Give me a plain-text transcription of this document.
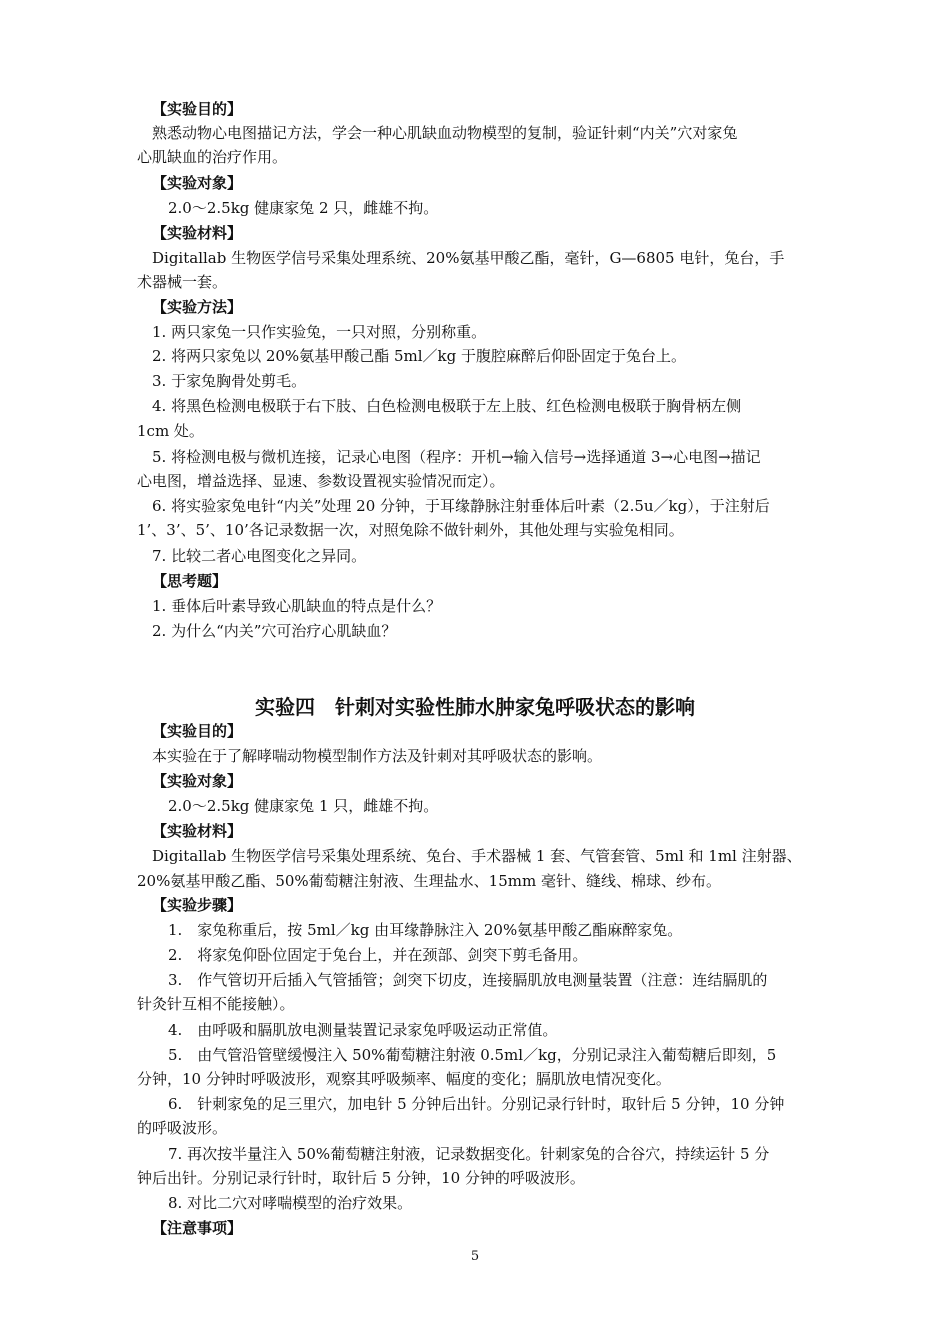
【实验目的】
熟悉动物心电图描记方法，学会一种心肌缺血动物模型的复制，验证针刺“内关”穴对家兔
心肌缺血的治疗作用。
【实验对象】
2.0～2.5kg 健康家兔 2 只，雌雄不拘。
【实验材料】
Digitallab 生物医学信号采集处理系统、20%氨基甲酸乙酯，毫针，G—6805 电针，兔台，手
术器械一套。
【实验方法】
1. 两只家兔一只作实验兔，一只对照，分别称重。
2. 将两只家兔以 20%氨基甲酸己酯 5ml／kg 于腹腔麻醉后仰卧固定于兔台上。
3. 于家兔胸骨处剪毛。
4. 将黑色检测电极联于右下肢、白色检测电极联于左上肢、红色检测电极联于胸骨柄左侧
1cm 处。
5. 将检测电极与微机连接，记录心电图（程序：开机→输入信号→选择通道 3→心电图→描记
心电图，增益选择、显速、参数设置视实验情况而定）。
6. 将实验家兔电针“内关”处理 20 分钟，于耳缘静脉注射垂体后叶素（2.5u／kg），于注射后
1’、3’、5’、10’各记录数据一次，对照兔除不做针刺外，其他处理与实验兔相同。
7. 比较二者心电图变化之异同。
【思考题】
1. 垂体后叶素导致心肌缺血的特点是什么？
2. 为什么“内关”穴可治疗心肌缺血？
实验四　针刺对实验性肺水肿家兔呼吸状态的影响
【实验目的】
本实验在于了解哮喘动物模型制作方法及针刺对其呼吸状态的影响。
【实验对象】
2.0～2.5kg 健康家兔 1 只，雌雄不拘。
【实验材料】
Digitallab 生物医学信号采集处理系统、兔台、手术器械 1 套、气管套管、5ml 和 1ml 注射器、
20%氨基甲酸乙酯、50%葡萄糖注射液、生理盐水、15mm 毫针、缝线、棉球、纱布。
【实验步骤】
1.　家兔称重后，按 5ml／kg 由耳缘静脉注入 20%氨基甲酸乙酯麻醉家兔。
2.　将家兔仰卧位固定于兔台上，并在颈部、剑突下剪毛备用。
3.　作气管切开后插入气管插管；剑突下切皮，连接膈肌放电测量装置（注意：连结膈肌的
针灸针互相不能接触）。
4.　由呼吸和膈肌放电测量装置记录家兔呼吸运动正常值。
5.　由气管沿管壁缓慢注入 50%葡萄糖注射液 0.5ml／kg，分别记录注入葡萄糖后即刻，5
分钟，10 分钟时呼吸波形，观察其呼吸频率、幅度的变化；膈肌放电情况变化。
6.　针刺家兔的足三里穴，加电针 5 分钟后出针。分别记录行针时，取针后 5 分钟，10 分钟
的呼吸波形。
7. 再次按半量注入 50%葡萄糖注射液，记录数据变化。针刺家兔的合谷穴，持续运针 5 分
钟后出针。分别记录行针时，取针后 5 分钟，10 分钟的呼吸波形。
8. 对比二穴对哮喘模型的治疗效果。
【注意事项】
5
